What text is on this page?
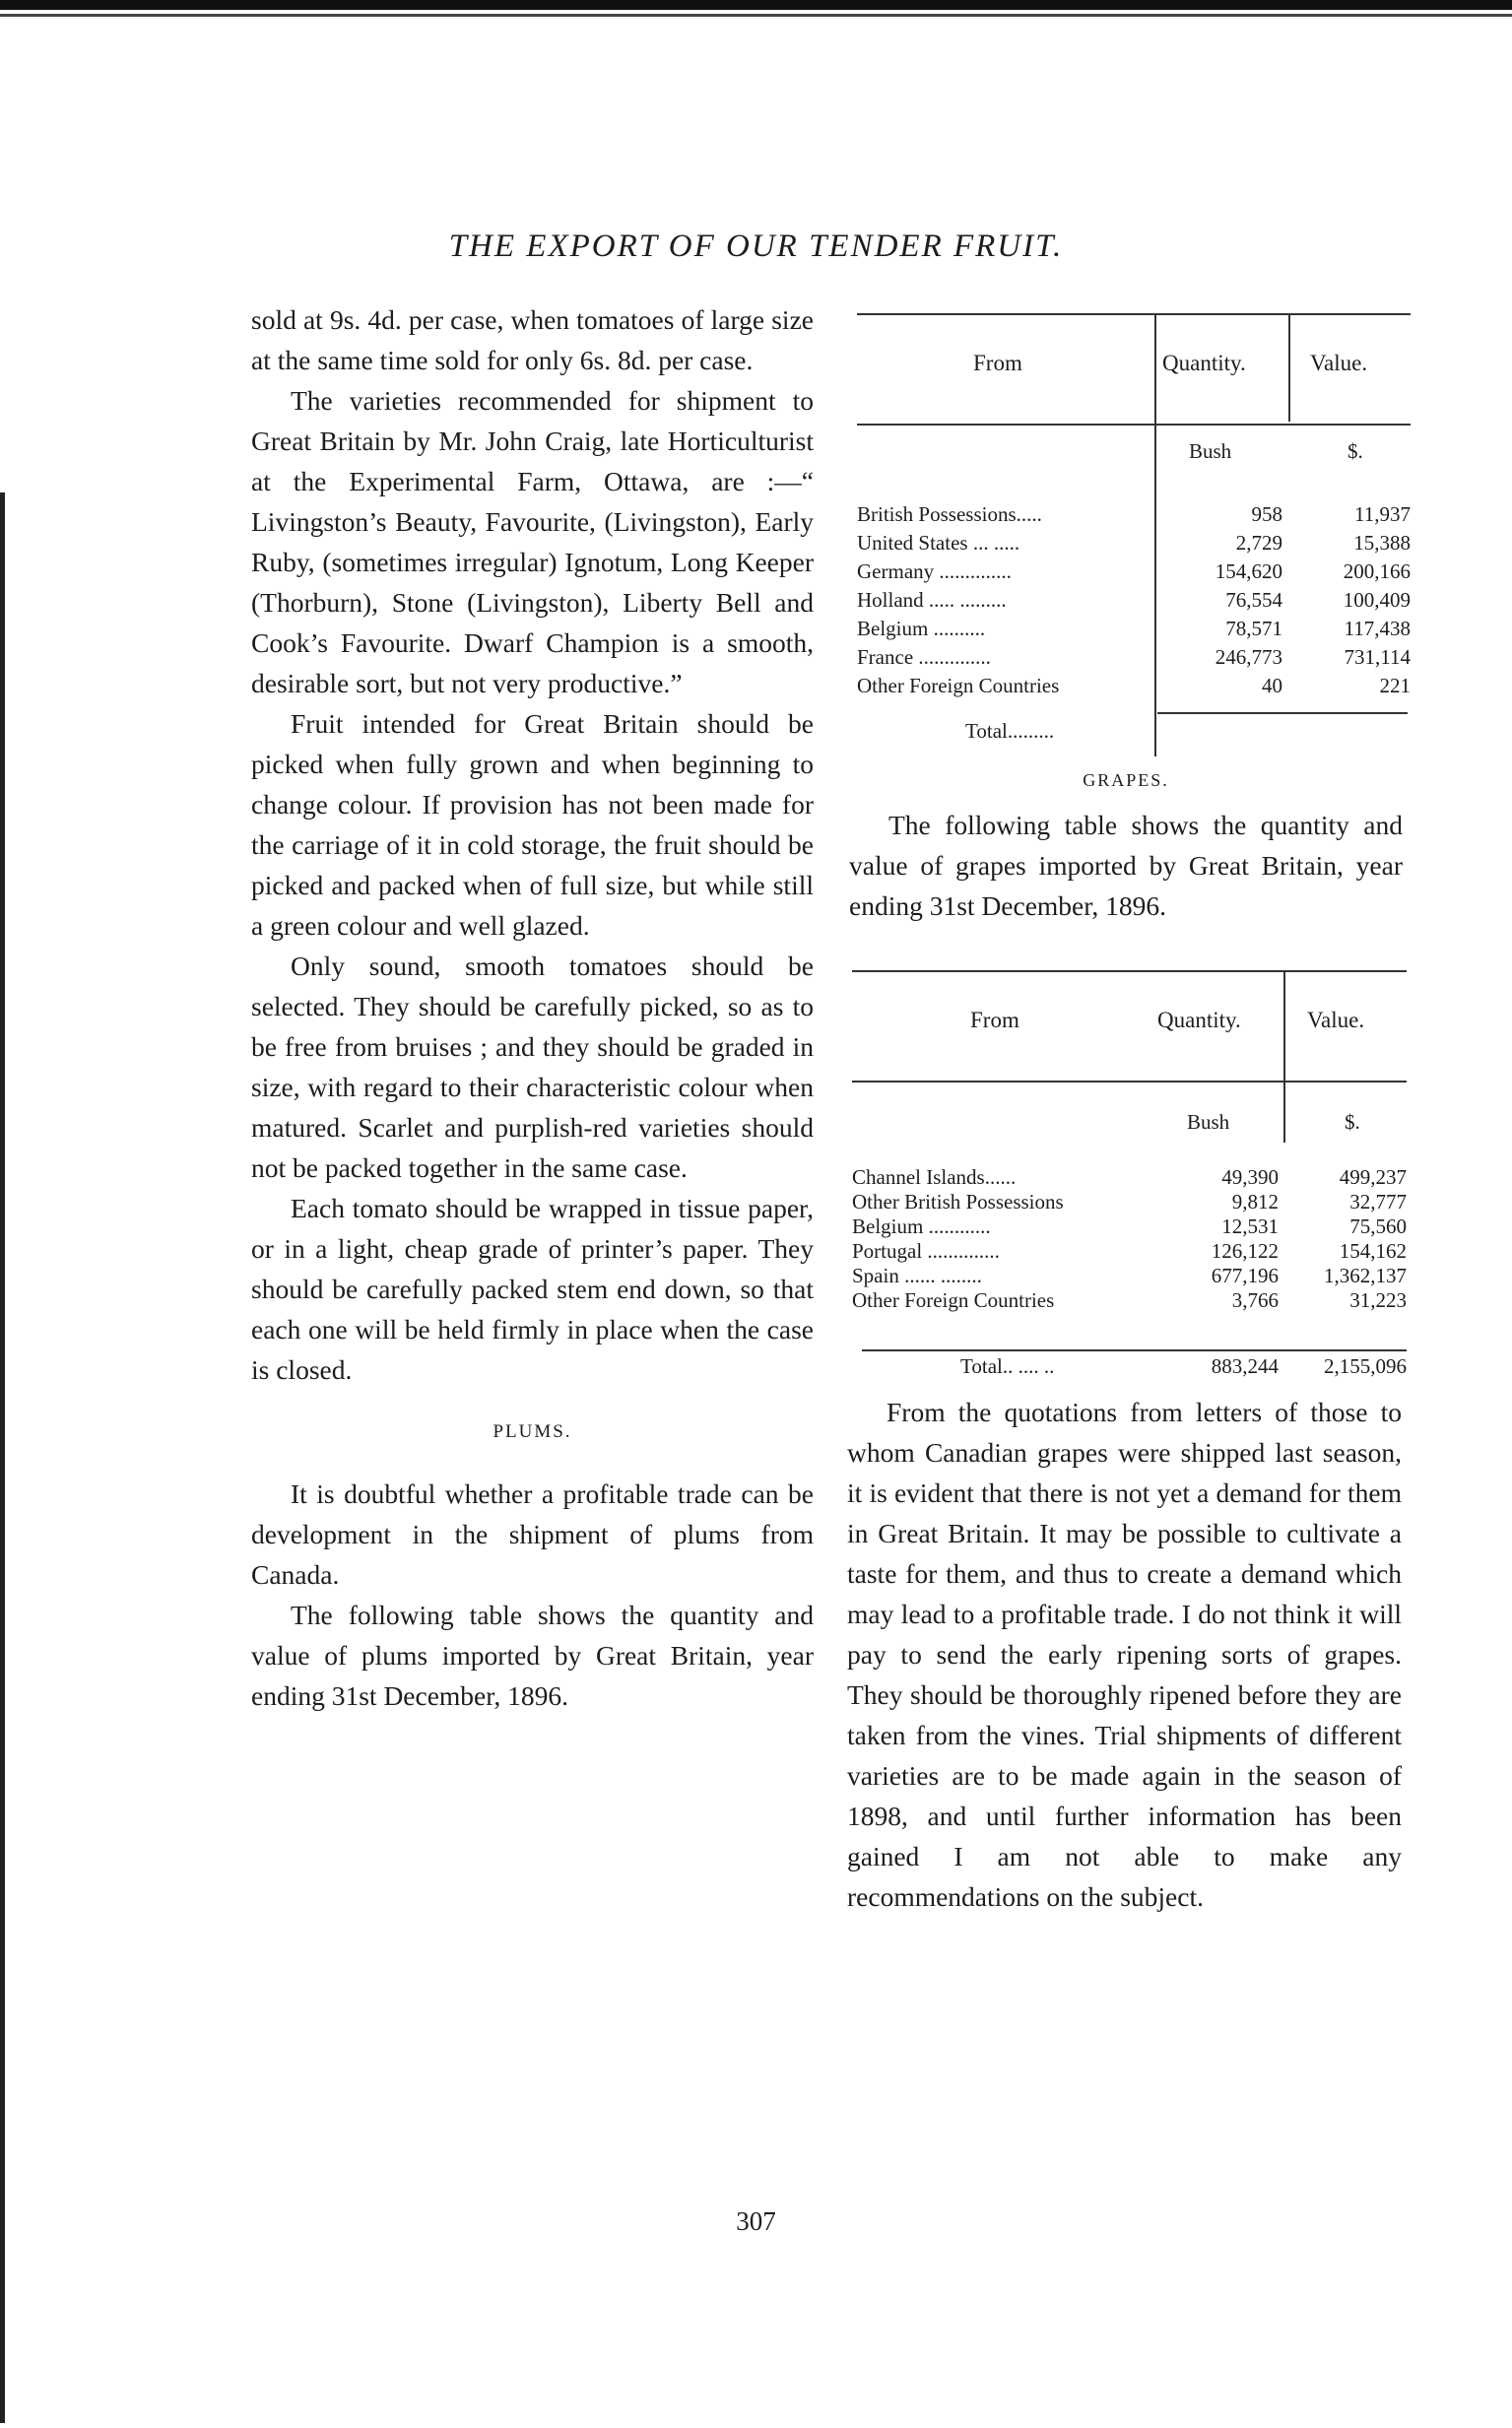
THE EXPORT OF OUR TENDER FRUIT.

sold at 9s. 4d. per case, when tomatoes of large size at the same time sold for only 6s. 8d. per case.

The varieties recommended for shipment to Great Britain by Mr. John Craig, late Horticulturist at the Experimental Farm, Ottawa, are :—“ Livingston’s Beauty, Favourite, (Livingston), Early Ruby, (sometimes irregular) Ignotum, Long Keeper (Thorburn), Stone (Livingston), Liberty Bell and Cook’s Favourite. Dwarf Champion is a smooth, desirable sort, but not very productive.”

Fruit intended for Great Britain should be picked when fully grown and when beginning to change colour. If provision has not been made for the carriage of it in cold storage, the fruit should be picked and packed when of full size, but while still a green colour and well glazed.

Only sound, smooth tomatoes should be selected. They should be carefully picked, so as to be free from bruises ; and they should be graded in size, with regard to their characteristic colour when matured. Scarlet and purplish-red varieties should not be packed together in the same case.

Each tomato should be wrapped in tissue paper, or in a light, cheap grade of printer’s paper. They should be carefully packed stem end down, so that each one will be held firmly in place when the case is closed.

PLUMS.

It is doubtful whether a profitable trade can be development in the shipment of plums from Canada.

The following table shows the quantity and value of plums imported by Great Britain, year ending 31st December, 1896.

From	Quantity.	Value.
Bush	$.
British Possessions.....	958	11,937
United States ... .....	2,729	15,388
Germany ..............	154,620	200,166
Holland ..... .........	76,554	100,409
Belgium ..........	78,571	117,438
France ..............	246,773	731,114
Other Foreign Countries	40	221
Total.........
GRAPES.

The following table shows the quantity and value of grapes imported by Great Britain, year ending 31st December, 1896.

From	Quantity.	Value.
Bush	$.
Channel Islands......	49,390	499,237
Other British Possessions	9,812	32,777
Belgium ............	12,531	75,560
Portugal ..............	126,122	154,162
Spain ...... ........	677,196 1,362,137
Other Foreign Countries	3,766	31,223
Total.. .... ..	883,244 2,155,096

From the quotations from letters of those to whom Canadian grapes were shipped last season, it is evident that there is not yet a demand for them in Great Britain. It may be possible to cultivate a taste for them, and thus to create a demand which may lead to a profitable trade. I do not think it will pay to send the early ripening sorts of grapes. They should be thoroughly ripened before they are taken from the vines. Trial shipments of different varieties are to be made again in the season of 1898, and until further information has been gained I am not able to make any recommendations on the subject.

307
